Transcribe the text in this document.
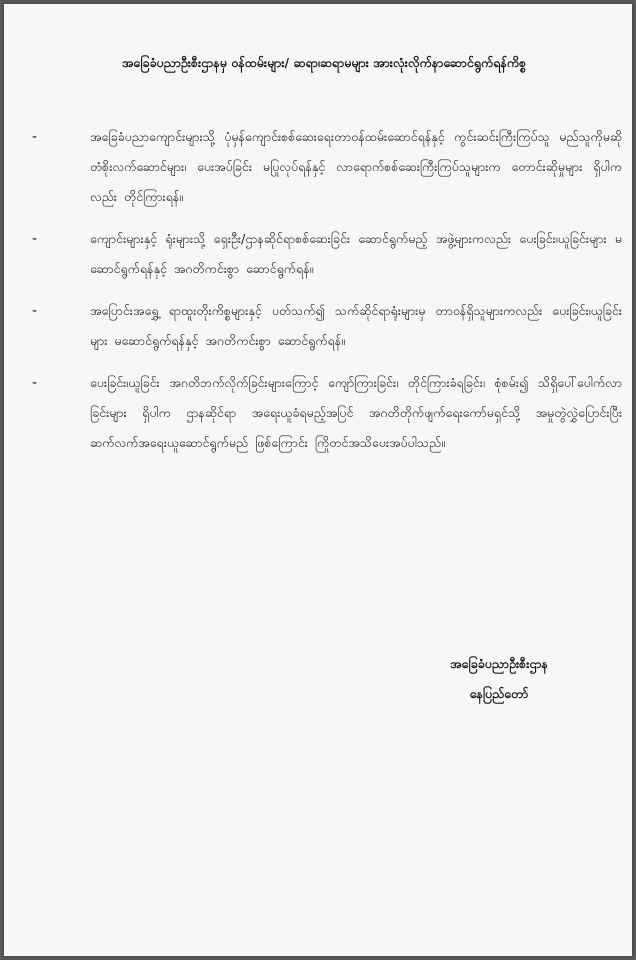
အခြေခံပညာဦးစီးဌာနမှ ဝန်ထမ်းများ/ ဆရာ၊ဆရာမများ အားလုံးလိုက်နာဆောင်ရွက်ရန်ကိစ္စ
-	အခြေခံပညာကျောင်းများသို့ ပုံမှန်ကျောင်းစစ်ဆေးရေးတာဝန်ထမ်းဆောင်ရန်နှင့် ကွင်းဆင်းကြီးကြပ်သူ မည်သူကိုမဆို တံစိုးလက်ဆောင်များ၊ ပေးအပ်ခြင်း မပြုလုပ်ရန်နှင့် လာရောက်စစ်ဆေးကြီးကြပ်သူများက တောင်းဆိုမှုများ ရှိပါကလည်း တိုင်ကြားရန်။
-	ကျောင်းများနှင့် ရုံးများသို့ ရှေးဦး/ဌာနဆိုင်ရာစစ်ဆေးခြင်း ဆောင်ရွက်မည့် အဖွဲ့များကလည်း ပေးခြင်း၊ယူခြင်းများ မဆောင်ရွက်ရန်နှင့် အဂတိကင်းစွာ ဆောင်ရွက်ရန်။
-	အပြောင်းအရွှေ့ ရာထူးတိုးကိစ္စများနှင့် ပတ်သက်၍ သက်ဆိုင်ရာရုံးများမှ တာဝန်ရှိသူများကလည်း ပေးခြင်း၊ယူခြင်းများ မဆောင်ရွက်ရန်နှင့် အဂတိကင်းစွာ ဆောင်ရွက်ရန်။
-	ပေးခြင်း၊ယူခြင်း အဂတိဘက်လိုက်ခြင်းများကြောင့် ကျော်ကြားခြင်း၊ တိုင်ကြားခံရခြင်း၊ စုံစမ်း၍ သိရှိပေါ်ပေါက်လာခြင်းများ ရှိပါက ဌာနဆိုင်ရာ အရေးယူခံရမည့်အပြင် အဂတိတိုက်ဖျက်ရေးကော်မရှင်သို့ အမှုတွဲလွှဲပြောင်းပြီး ဆက်လက်အရေးယူဆောင်ရွက်မည် ဖြစ်ကြောင်း ကြိုတင်အသိပေးအပ်ပါသည်။
အခြေခံပညာဦးစီးဌာန
နေပြည်တော်
